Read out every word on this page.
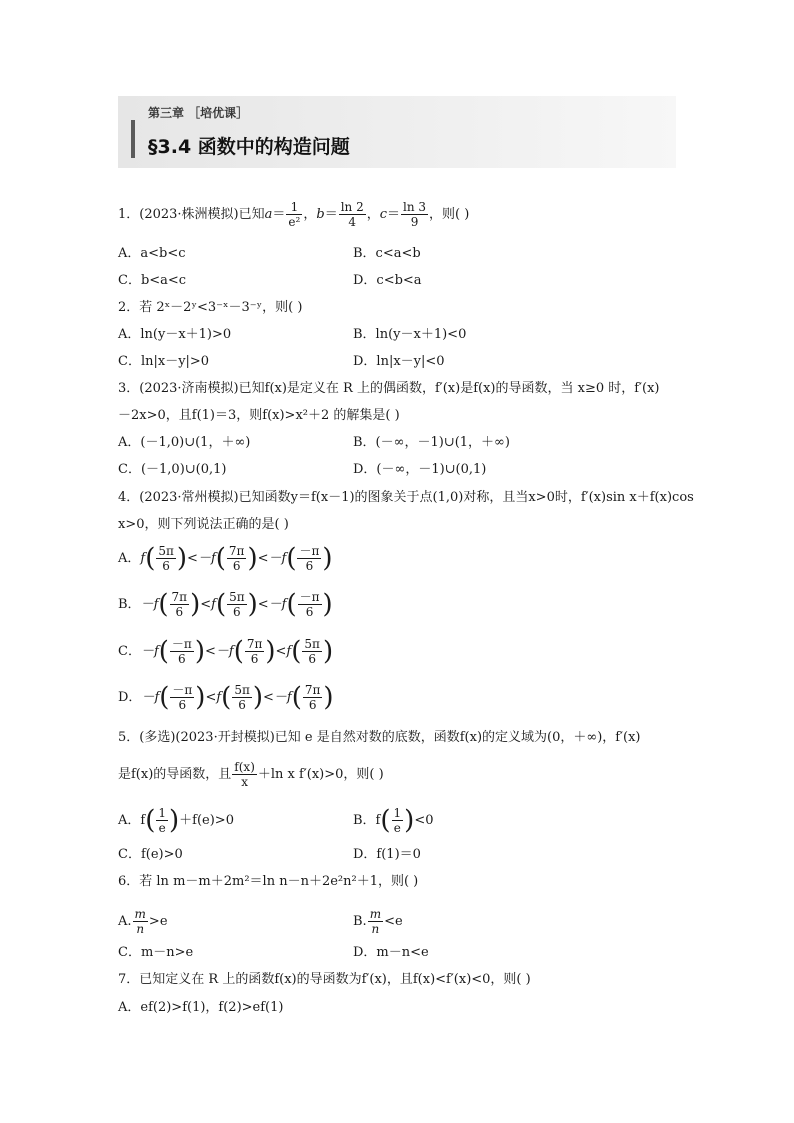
第三章 ［培优课］
§3.4 函数中的构造问题
1．(2023·株洲模拟)已知$a= \frac{1}{\text{e²}}$ ，$b= \frac{\ln 2}{4}$ ，$c= \frac{\ln 3}{9}$ ，则( )
A．a<b<c	B．c<a<b
C．b<a<c	D．c<b<a
2．若 2ˣ－2ʸ<3⁻ˣ－3⁻ʸ，则( )
A．ln(y－x＋1)>0	B．ln(y－x＋1)<0
C．ln|x－y|>0	D．ln|x－y|<0
3．(2023·济南模拟)已知f(x)是定义在 R 上的偶函数，f′(x)是f(x)的导函数，当 x≥0 时，f′(x)
－2x>0，且f(1)＝3，则f(x)>x²＋2 的解集是( )
A．(－1,0)∪(1，＋∞)	B．(－∞，－1)∪(1，＋∞)
C．(－1,0)∪(0,1)	D．(－∞，－1)∪(0,1)
4．(2023·常州模拟)已知函数y＝f(x－1)的图象关于点(1,0)对称，且当x>0时，f′(x)sin x＋f(x)cos
x>0，则下列说法正确的是( )
A．$f( \frac{5\pi}{6} )<-f( \frac{7\pi}{6} )<-f( \frac{-\pi}{6}$ )
B．$-f( \frac{7\pi}{6} )<f( \frac{5\pi}{6} )<-f( \frac{-\pi}{6}$ )
C．$-f( \frac{-\pi}{6} )<-f( \frac{7\pi}{6} )<f( \frac{5\pi}{6}$ )
D．$-f( \frac{-\pi}{6} )<f( \frac{5\pi}{6} )<-f( \frac{7\pi}{6}$ )
5．(多选)(2023·开封模拟)已知 e 是自然对数的底数，函数f(x)的定义域为(0，＋∞)，f′(x)
是f(x)的导函数，且 $\frac{f(x)}{x} +\ln$ x f′(x)>0，则( )
A．$f( \frac{1}{e} )+f(e)>0$	B．$f( \frac{1}{e} )<0$
C．f(e)>0	D．f(1)＝0
6．若 ln m－m＋2m²＝ln n－n＋2e²n²＋1，则( )
A. $\frac{m}{n} >e$	B. $\frac{m}{n} <e$
C．m－n>e	D．m－n<e
7．已知定义在 R 上的函数f(x)的导函数为f′(x)，且f(x)<f′(x)<0，则( )
A．ef(2)>f(1)，f(2)>ef(1)
